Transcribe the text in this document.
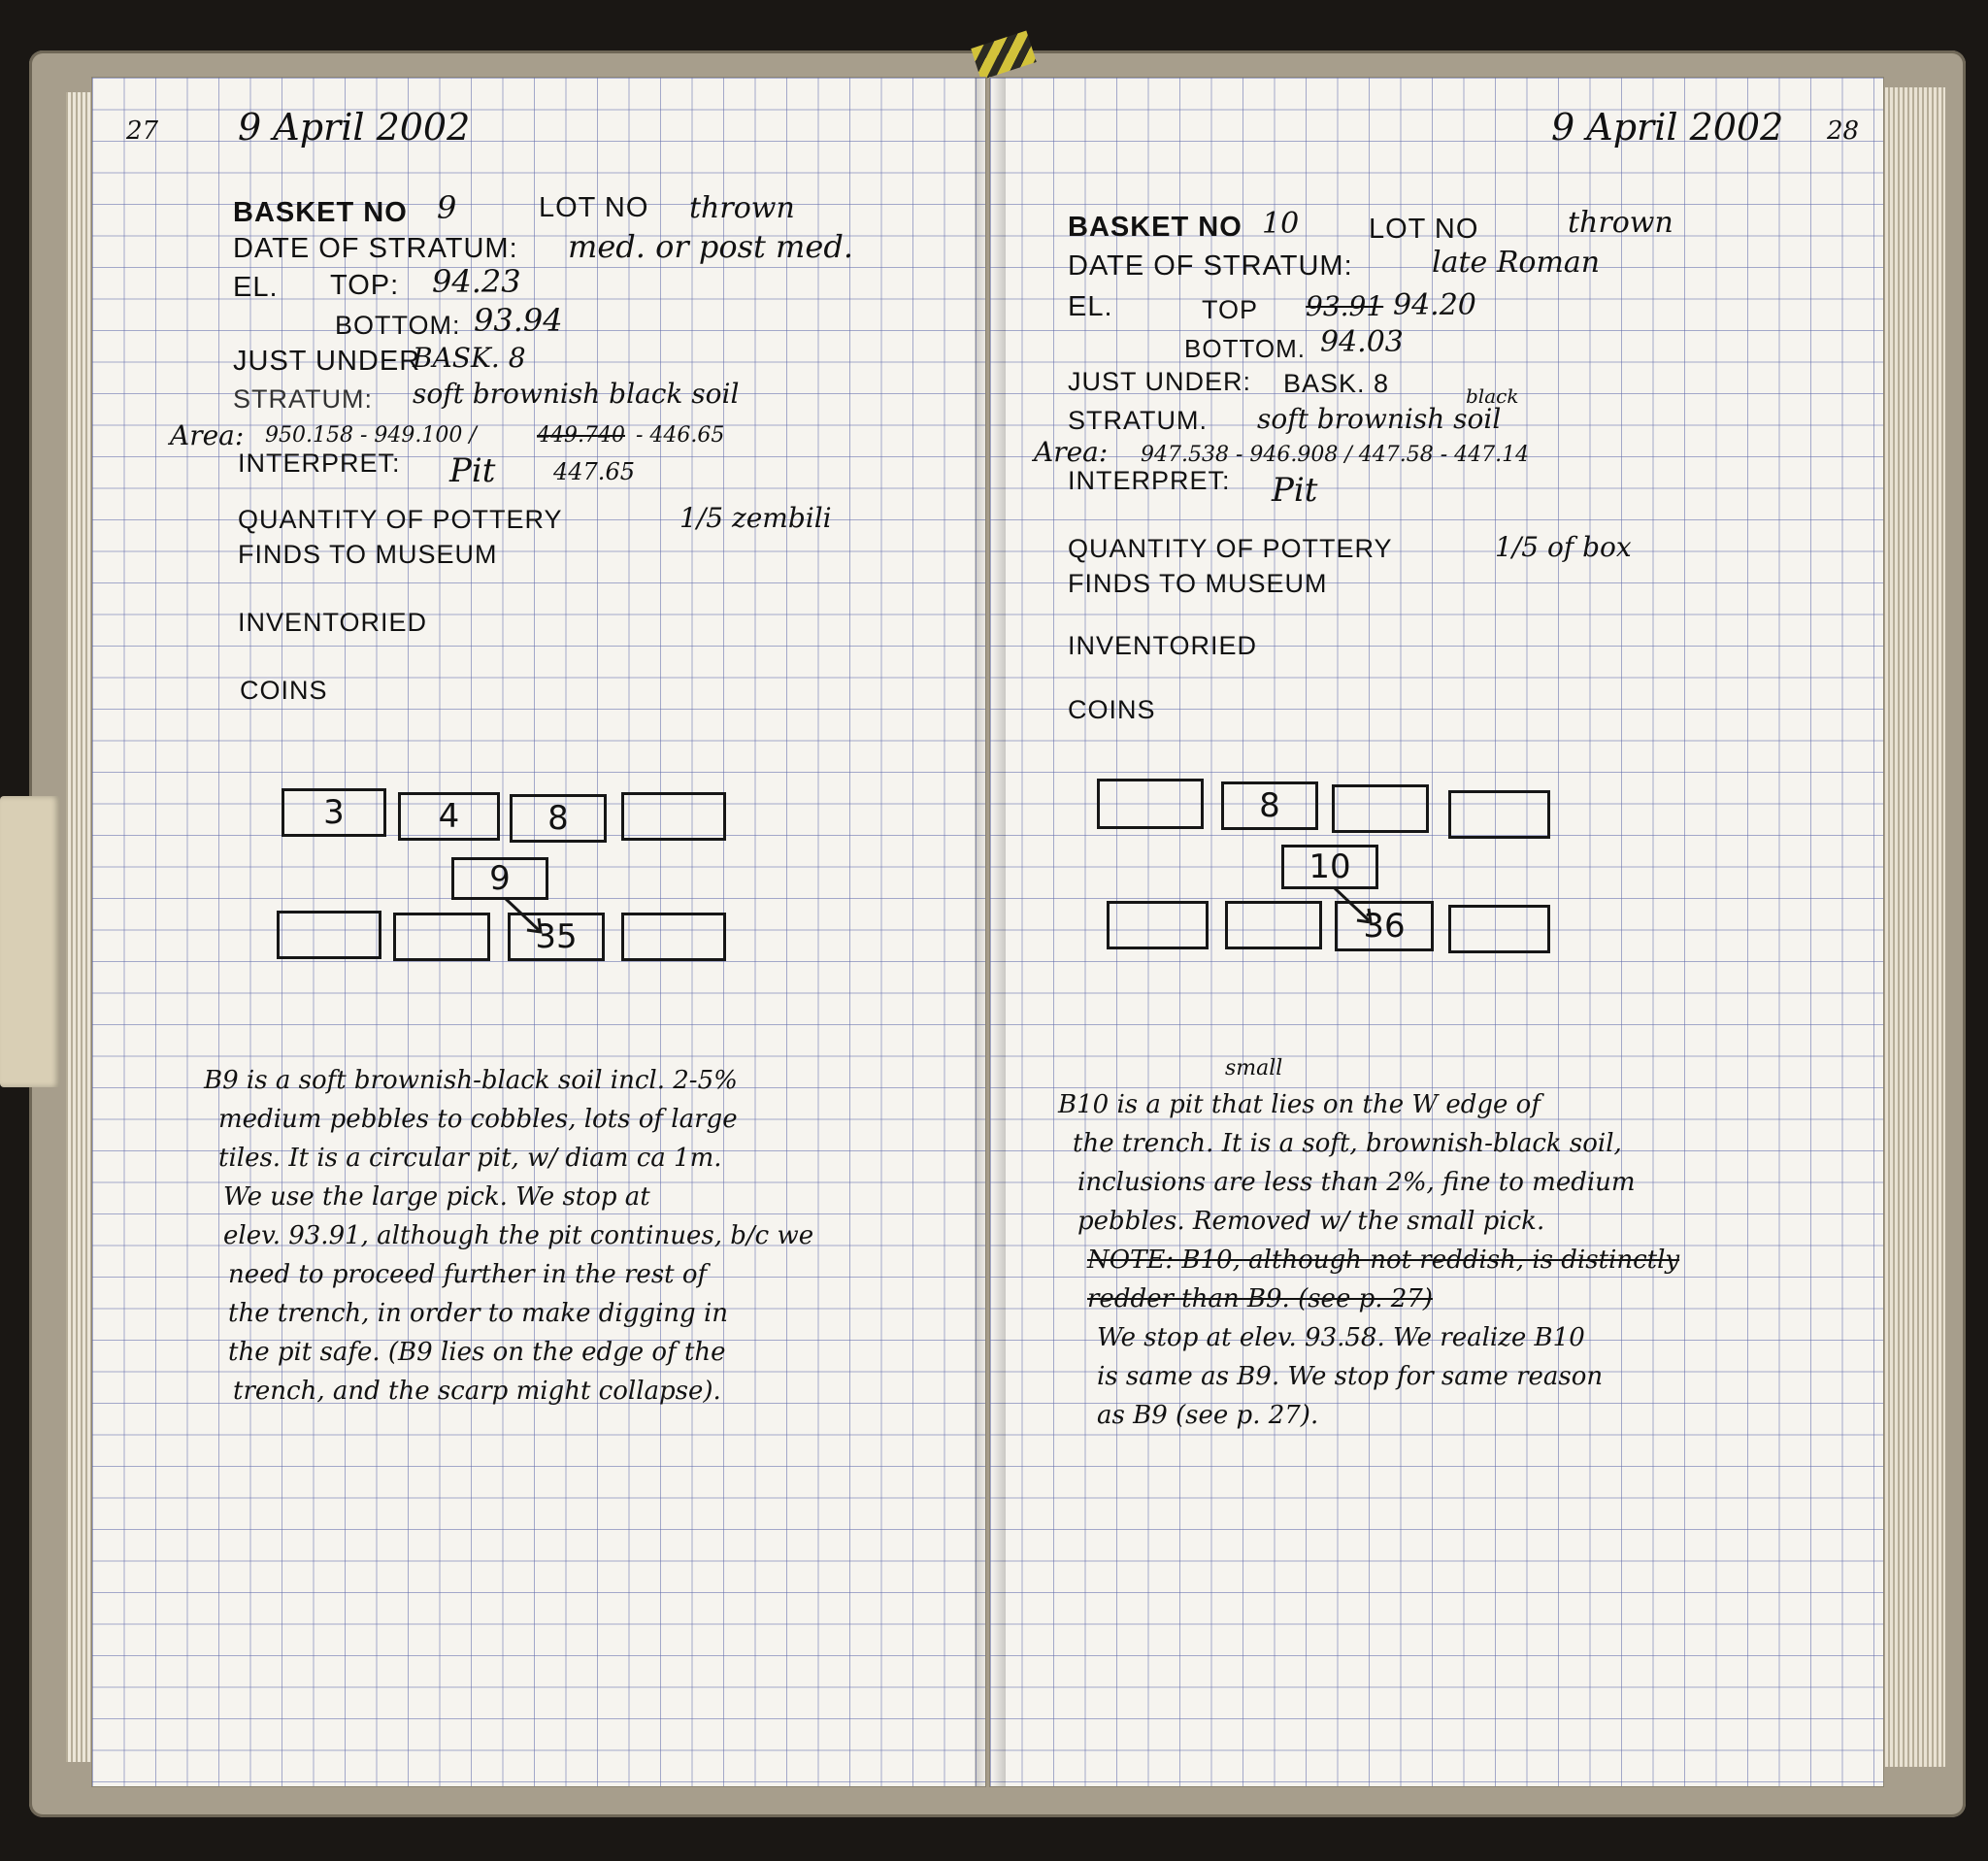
27 9 April 2002
BASKET NO 9	LOT NO thrown
DATE OF STRATUM: med. or post med.
EL. TOP: 94.23
BOTTOM: 93.94
JUST UNDER
BASK. 8
STRATUM: soft brownish black soil
Area: 950.158 - 949.100 /	449.740 - 446.65
INTERPRET: Pit 447.65
QUANTITY OF POTTERY	1/5 zembili
FINDS TO MUSEUM
INVENTORIED
COINS
3	4	8
9
35
B9 is a soft brownish-black soil incl. 2-5%
medium pebbles to cobbles, lots of large
tiles. It is a circular pit, w/ diam ca 1m.
We use the large pick. We stop at
elev. 93.91, although the pit continues, b/c we
need to proceed further in the rest of
the trench, in order to make digging in
the pit safe. (B9 lies on the edge of the
trench, and the scarp might collapse).
9 April 2002 28
BASKET NO 10 LOT NO	thrown
DATE OF STRATUM:	late Roman
EL.	TOP 93.91 94.20
BOTTOM. 94.03
JUST UNDER: BASK. 8	black
STRATUM. soft brownish soil
Area: 947.538 - 946.908 / 447.58 - 447.14
INTERPRET: Pit
QUANTITY OF POTTERY	1/5 of box
FINDS TO MUSEUM
INVENTORIED
COINS
8
10
36
small
B10 is a pit that lies on the W edge of
the trench. It is a soft, brownish-black soil,
inclusions are less than 2%, fine to medium
pebbles. Removed w/ the small pick.
NOTE: B10, although not reddish, is distinctly
redder than B9. (see p. 27)
We stop at elev. 93.58. We realize B10
is same as B9. We stop for same reason
as B9 (see p. 27).
